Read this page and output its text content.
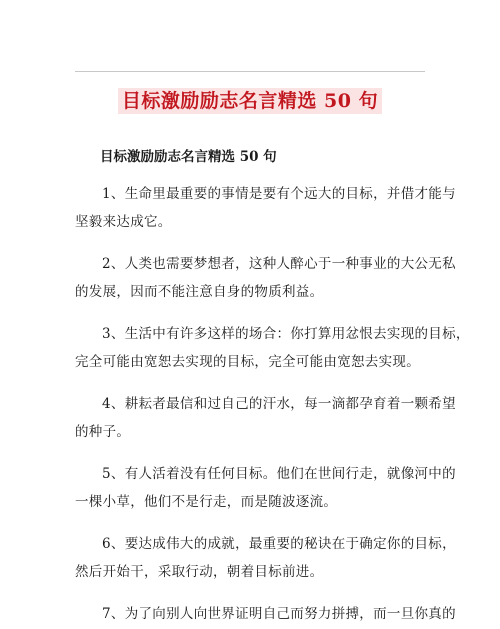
目标激励励志名言精选 50 句
目标激励励志名言精选 50 句

1、生命里最重要的事情是要有个远大的目标，并借才能与
坚毅来达成它。

2、人类也需要梦想者，这种人醉心于一种事业的大公无私
的发展，因而不能注意自身的物质利益。

3、生活中有许多这样的场合：你打算用忿恨去实现的目标，
完全可能由宽恕去实现的目标，完全可能由宽恕去实现。

4、耕耘者最信和过自己的汗水，每一滴都孕育着一颗希望
的种子。

5、有人活着没有任何目标。他们在世间行走，就像河中的
一棵小草，他们不是行走，而是随波逐流。

6、要达成伟大的成就，最重要的秘诀在于确定你的目标，
然后开始干，采取行动，朝着目标前进。

7、为了向别人向世界证明自己而努力拼搏，而一旦你真的
